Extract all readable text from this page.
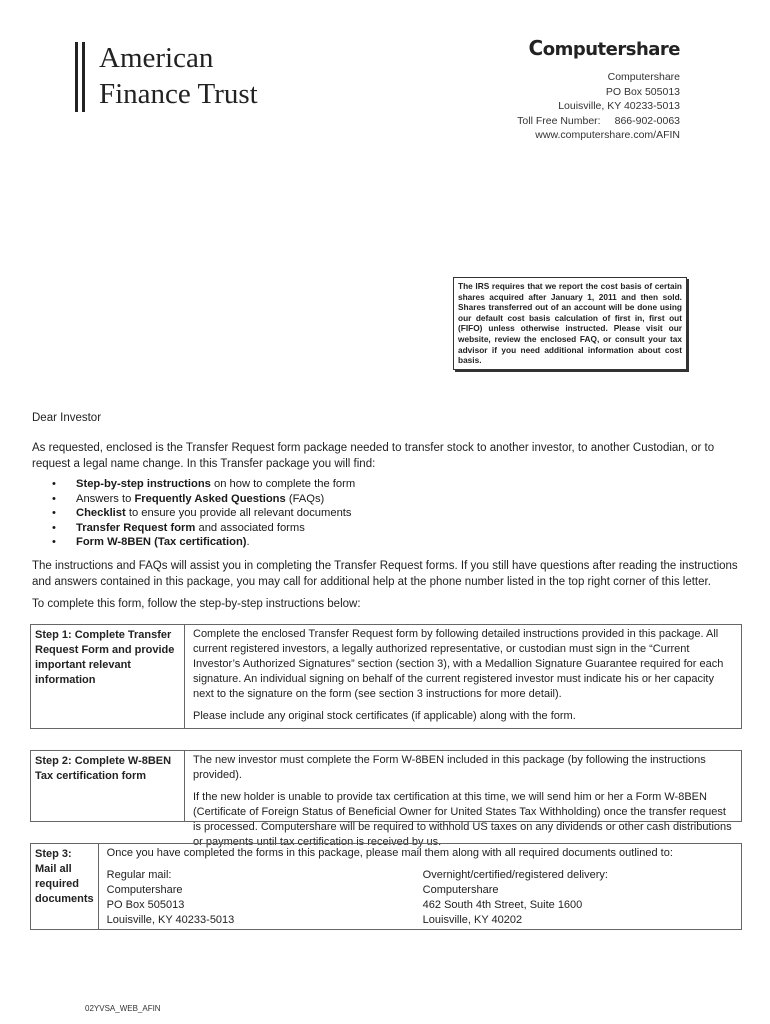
American
Finance Trust
Computershare
Computershare
PO Box 505013
Louisville, KY 40233-5013
Toll Free Number: 866-902-0063
www.computershare.com/AFIN
The IRS requires that we report the cost basis of certain shares acquired after January 1, 2011 and then sold. Shares transferred out of an account will be done using our default cost basis calculation of first in, first out (FIFO) unless otherwise instructed. Please visit our website, review the enclosed FAQ, or consult your tax advisor if you need additional information about cost basis.
Dear Investor
As requested, enclosed is the Transfer Request form package needed to transfer stock to another investor, to another Custodian, or to request a legal name change. In this Transfer package you will find:
• Step-by-step instructions on how to complete the form
• Answers to Frequently Asked Questions (FAQs)
• Checklist to ensure you provide all relevant documents
• Transfer Request form and associated forms
• Form W-8BEN (Tax certification).
The instructions and FAQs will assist you in completing the Transfer Request forms. If you still have questions after reading the instructions and answers contained in this package, you may call for additional help at the phone number listed in the top right corner of this letter.
To complete this form, follow the step-by-step instructions below:
Step 1: Complete Transfer Request Form and provide important relevant information

Complete the enclosed Transfer Request form by following detailed instructions provided in this package. All current registered investors, a legally authorized representative, or custodian must sign in the “Current Investor’s Authorized Signatures” section (section 3), with a Medallion Signature Guarantee required for each signature. An individual signing on behalf of the current registered investor must indicate his or her capacity next to the signature on the form (see section 3 instructions for more detail).

Please include any original stock certificates (if applicable) along with the form.

Step 2: Complete W-8BEN Tax certification form

The new investor must complete the Form W-8BEN included in this package (by following the instructions provided).

If the new holder is unable to provide tax certification at this time, we will send him or her a Form W-8BEN (Certificate of Foreign Status of Beneficial Owner for United States Tax Withholding) once the transfer request is processed. Computershare will be required to withhold US taxes on any dividends or other cash distributions or payments until tax certification is received by us.

Step 3: Mail all required documents

Once you have completed the forms in this package, please mail them along with all required documents outlined to:

Regular mail:
Computershare
PO Box 505013
Louisville, KY 40233-5013
Overnight/certified/registered delivery:
Computershare
462 South 4th Street, Suite 1600
Louisville, KY 40202
02YVSA_WEB_AFIN
